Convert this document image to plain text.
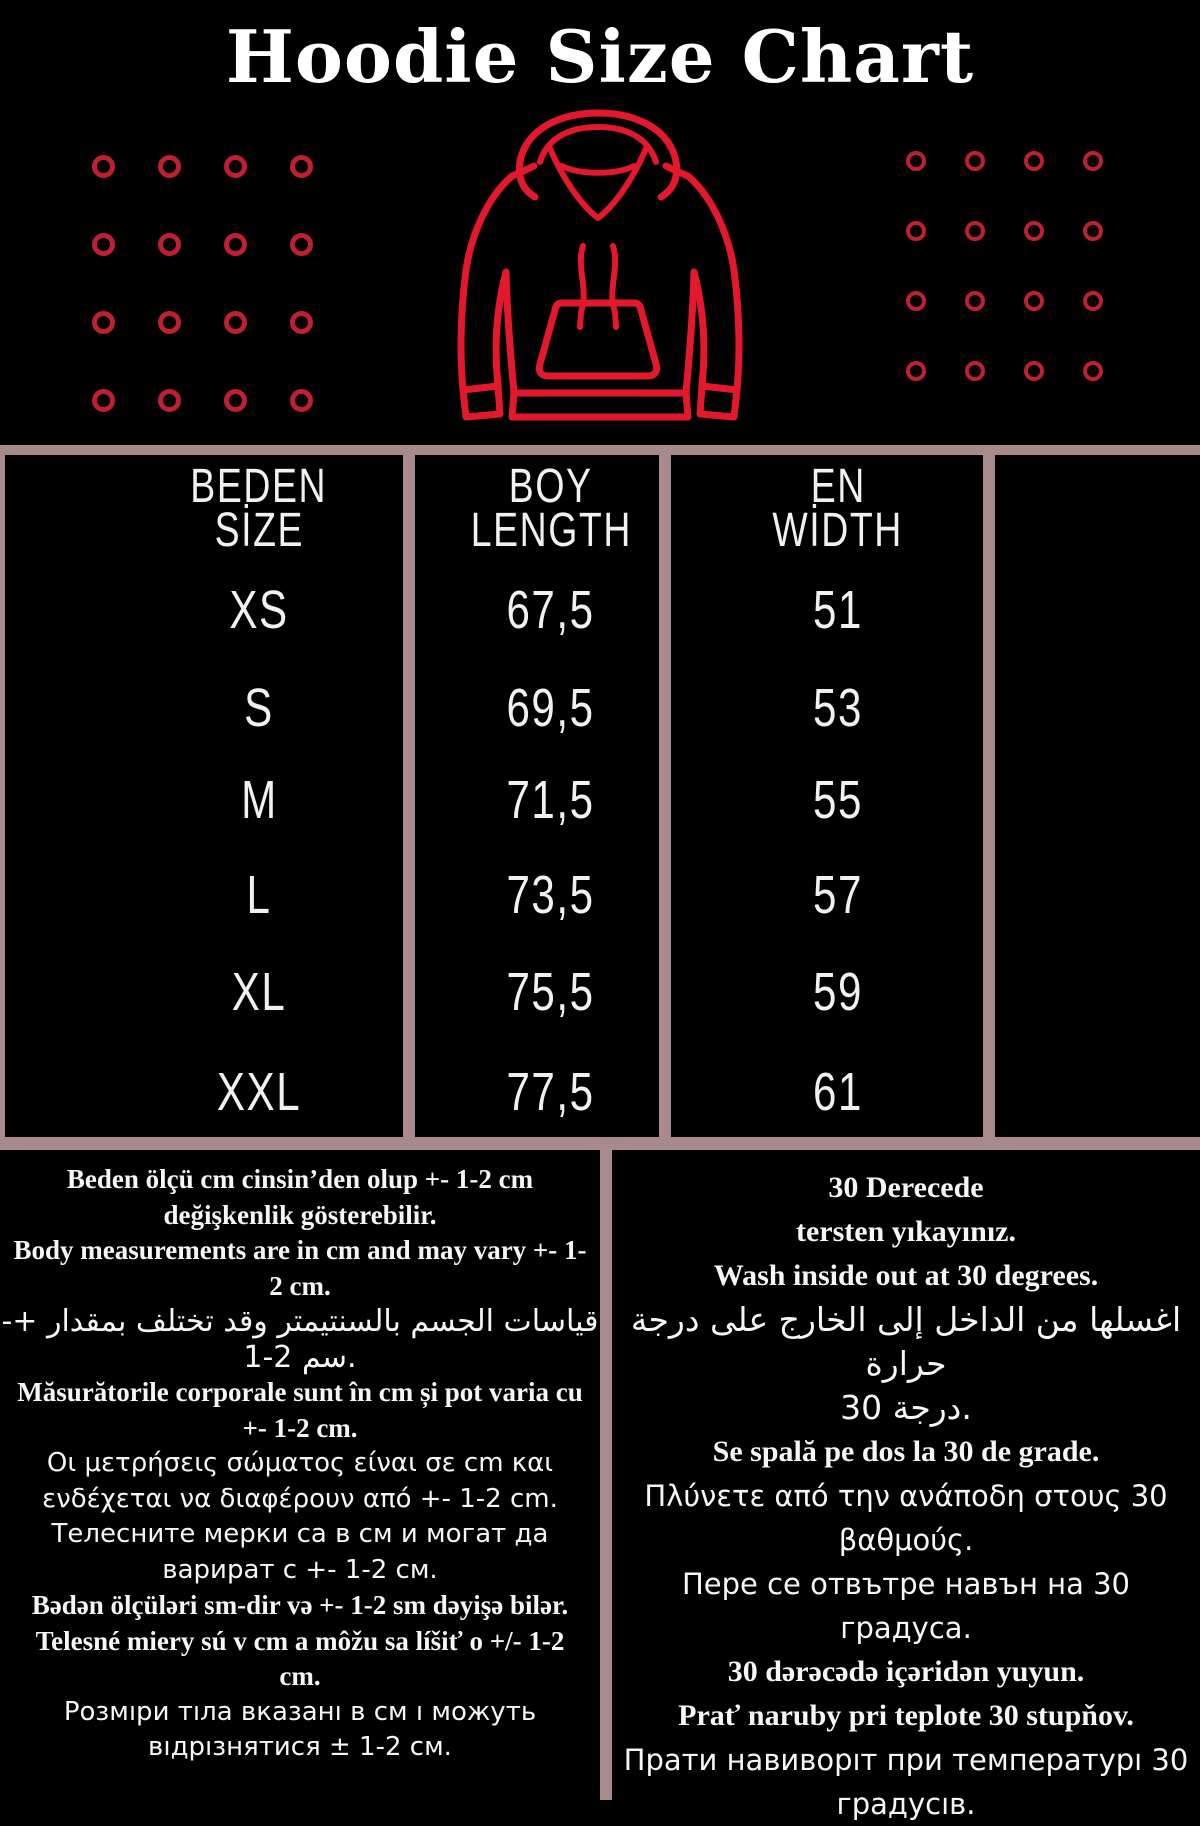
Hoodie Size Chart
BEDEN
SİZE
XS
S
M
L
XL
XXL
BOY
LENGTH
67,5
69,5
71,5
73,5
75,5
77,5
EN
WİDTH
51
53
55
57
59
61
Beden ölçü cm cinsin’den olup +- 1-2 cm
değişkenlik gösterebilir.
Body measurements are in cm and may vary +- 1-
2 cm.
قياسات الجسم بالسنتيمتر وقد تختلف بمقدار +-
1-2 سم.
Măsurătorile corporale sunt în cm și pot varia cu
+- 1-2 cm.
Οι μετρήσεις σώματος είναι σε cm και
ενδέχεται να διαφέρουν από +- 1-2 cm.
Телесните мерки са в см и могат да
варират с +- 1-2 см.
Bədən ölçüləri sm-dir və +- 1-2 sm dəyişə bilər.
Telesné miery sú v cm a môžu sa líšiť o +/- 1-2
cm.
Розмıри тıла вказанı в см ı можуть
вıдрıзнятися ± 1-2 см.
30 Derecede
tersten yıkayınız.
Wash inside out at 30 degrees.
اغسلها من الداخل إلى الخارج على درجة حرارة
30 درجة.
Se spală pe dos la 30 de grade.
Πλύνετε από την ανάποδη στους 30
βαθμούς.
Пере се отвътре навън на 30 градуса.
30 dərəcədə içəridən yuyun.
Prať naruby pri teplote 30 stupňov.
Прати навиворıт при температурı 30
градусıв.
